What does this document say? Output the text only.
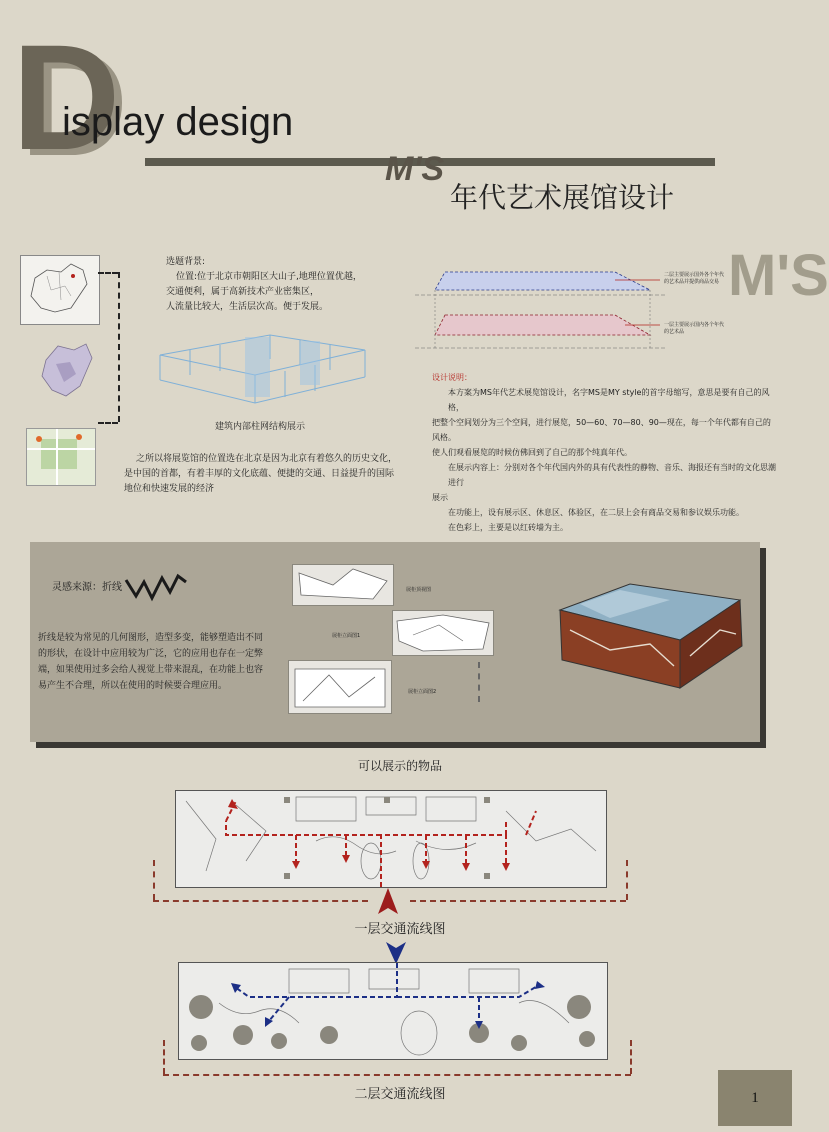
D
isplay design
M'S
年代艺术展馆设计
M'S
选题背景:
位置:位于北京市朝阳区大山子,地理位置优越，
交通便利，属于高新技术产业密集区，
人流量比较大，生活层次高。便于发展。
建筑内部柱网结构展示
之所以将展览馆的位置选在北京是因为北京有着悠久的历史文化，
是中国的首都，有着丰厚的文化底蕴、便捷的交通、日益提升的国际
地位和快速发展的经济
二层主要展示国外各个年代的艺术品并提供商品交易
一层主要展示国内各个年代的艺术品
设计说明：
本方案为MS年代艺术展览馆设计，名字MS是MY style的首字母缩写，意思是要有自己的风格，
把整个空间划分为三个空间，进行展览，50—60、70—80、90—现在，每一个年代都有自己的风格。
使人们观看展览的时候仿佛回到了自己的那个纯真年代。
在展示内容上：分别对各个年代国内外的具有代表性的静物、音乐、海报还有当时的文化思潮进行
展示
在功能上，设有展示区、休息区、体验区，在二层上会有商品交易和参议娱乐功能。
在色彩上，主要是以红砖墙为主。
灵感来源：折线
折线是较为常见的几何图形，造型多变，能够塑造出不同
的形状，在设计中应用较为广泛，它的应用也存在一定弊
端，如果使用过多会给人视觉上带来混乱，在功能上也容
易产生不合理，所以在使用的时候要合理应用。
展柜顶视图
展柜立面图1
展柜立面图2
可以展示的物品
一层交通流线图
二层交通流线图	1
